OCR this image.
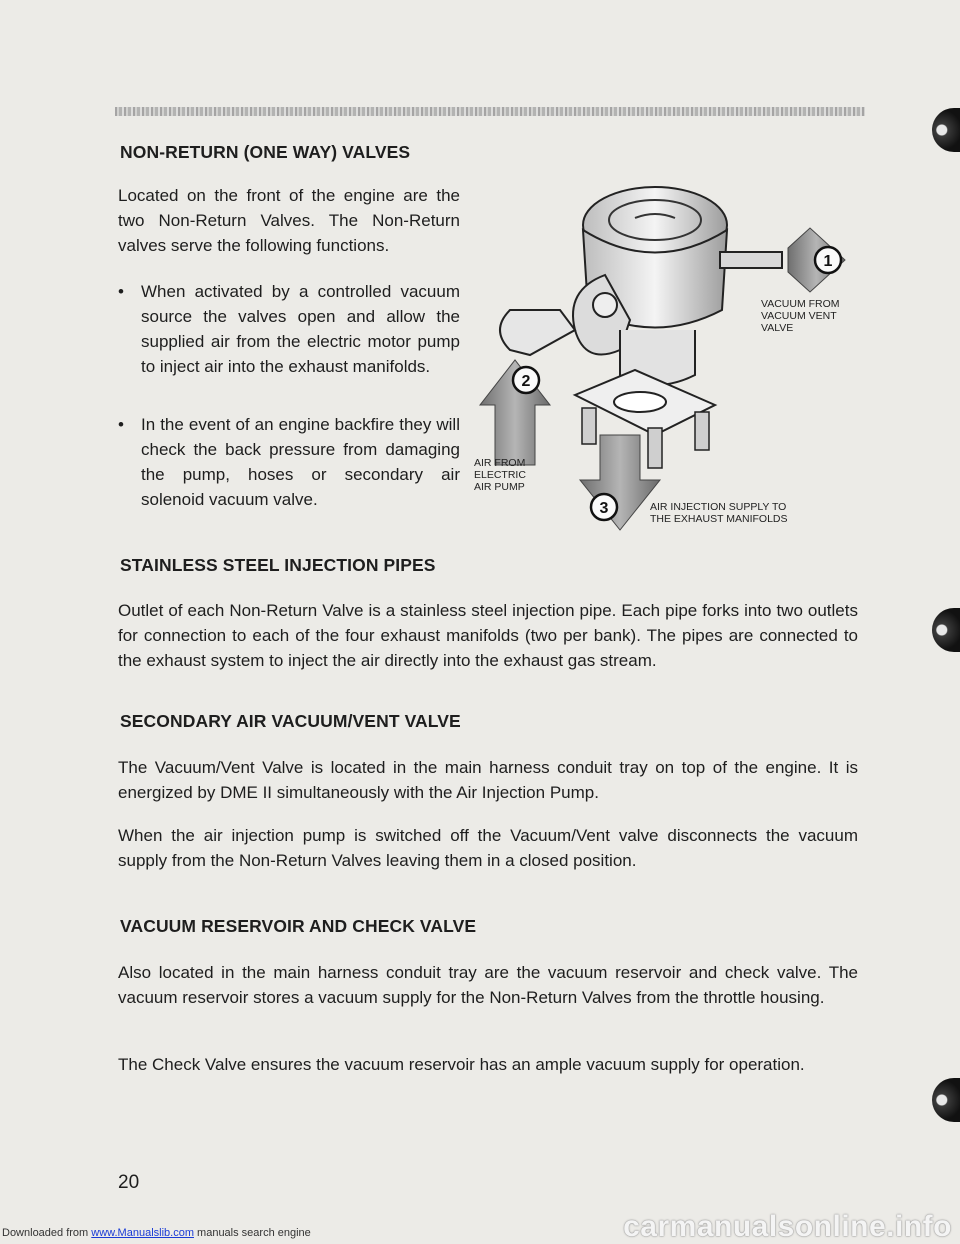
NON-RETURN (ONE WAY) VALVES

Located on the front of the engine are the two Non-Return Valves. The Non-Return valves serve the following functions.

• When activated by a controlled vacuum source the valves open and allow the supplied air from the electric motor pump to inject air into the exhaust manifolds.
• In the event of an engine backfire they will check the back pressure from damaging the pump, hoses or secondary air solenoid vacuum valve.
1
2
3
VACUUM FROM
VACUUM VENT
VALVE
AIR FROM
ELECTRIC
AIR PUMP
AIR INJECTION SUPPLY TO
THE EXHAUST MANIFOLDS
STAINLESS STEEL INJECTION PIPES

Outlet of each Non-Return Valve is a stainless steel injection pipe. Each pipe forks into two outlets for connection to each of the four exhaust manifolds (two per bank). The pipes are connected to the exhaust system to inject the air directly into the exhaust gas stream.

SECONDARY AIR VACUUM/VENT VALVE

The Vacuum/Vent Valve is located in the main harness conduit tray on top of the engine. It is energized by DME II simultaneously with the Air Injection Pump.

When the air injection pump is switched off the Vacuum/Vent valve disconnects the vacuum supply from the Non-Return Valves leaving them in a closed position.

VACUUM RESERVOIR AND CHECK VALVE

Also located in the main harness conduit tray are the vacuum reservoir and check valve. The vacuum reservoir stores a vacuum supply for the Non-Return Valves from the throttle housing.

The Check Valve ensures the vacuum reservoir has an ample vacuum supply for operation.

20
Downloaded from www.Manualslib.com manuals search engine	carmanualsonline.info
